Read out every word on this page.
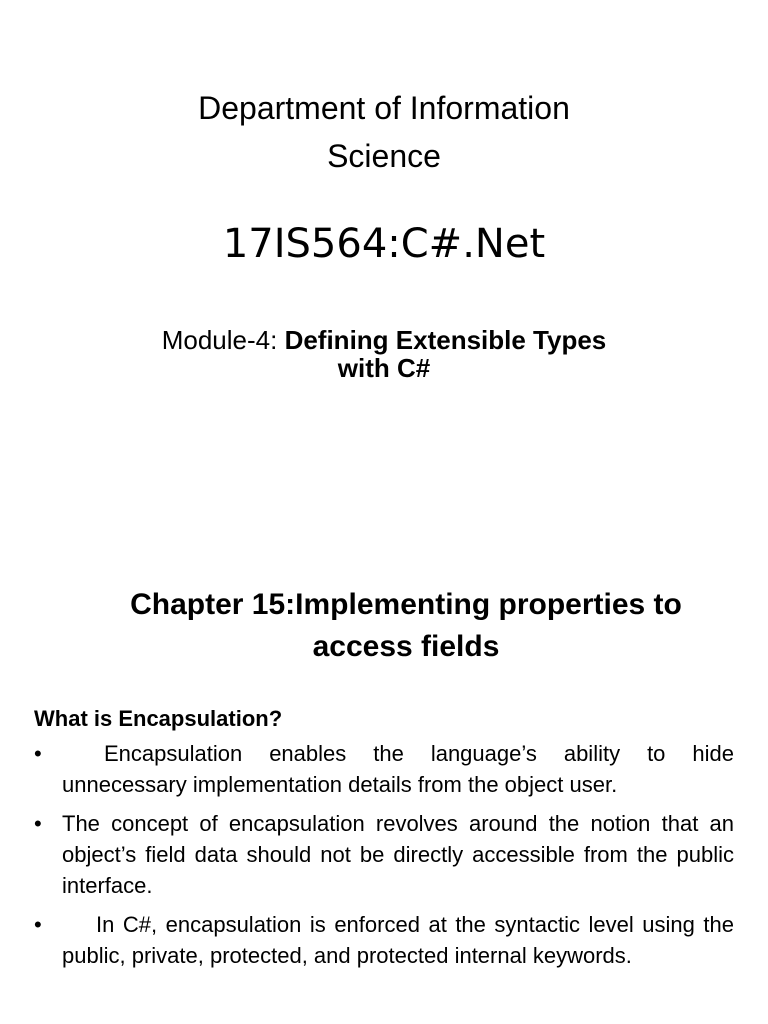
Department of Information
Science
17IS564:C#.Net
Module-4: Defining Extensible Types
with C#
Chapter 15:Implementing properties to
access fields
What is Encapsulation?
•	Encapsulation enables the language’s ability to hide unnecessary implementation details from the object user.
• The concept of encapsulation revolves around the notion that an object’s field data should not be directly accessible from the public interface.
• In C#, encapsulation is enforced at the syntactic level using the public, private, protected, and protected internal keywords.
